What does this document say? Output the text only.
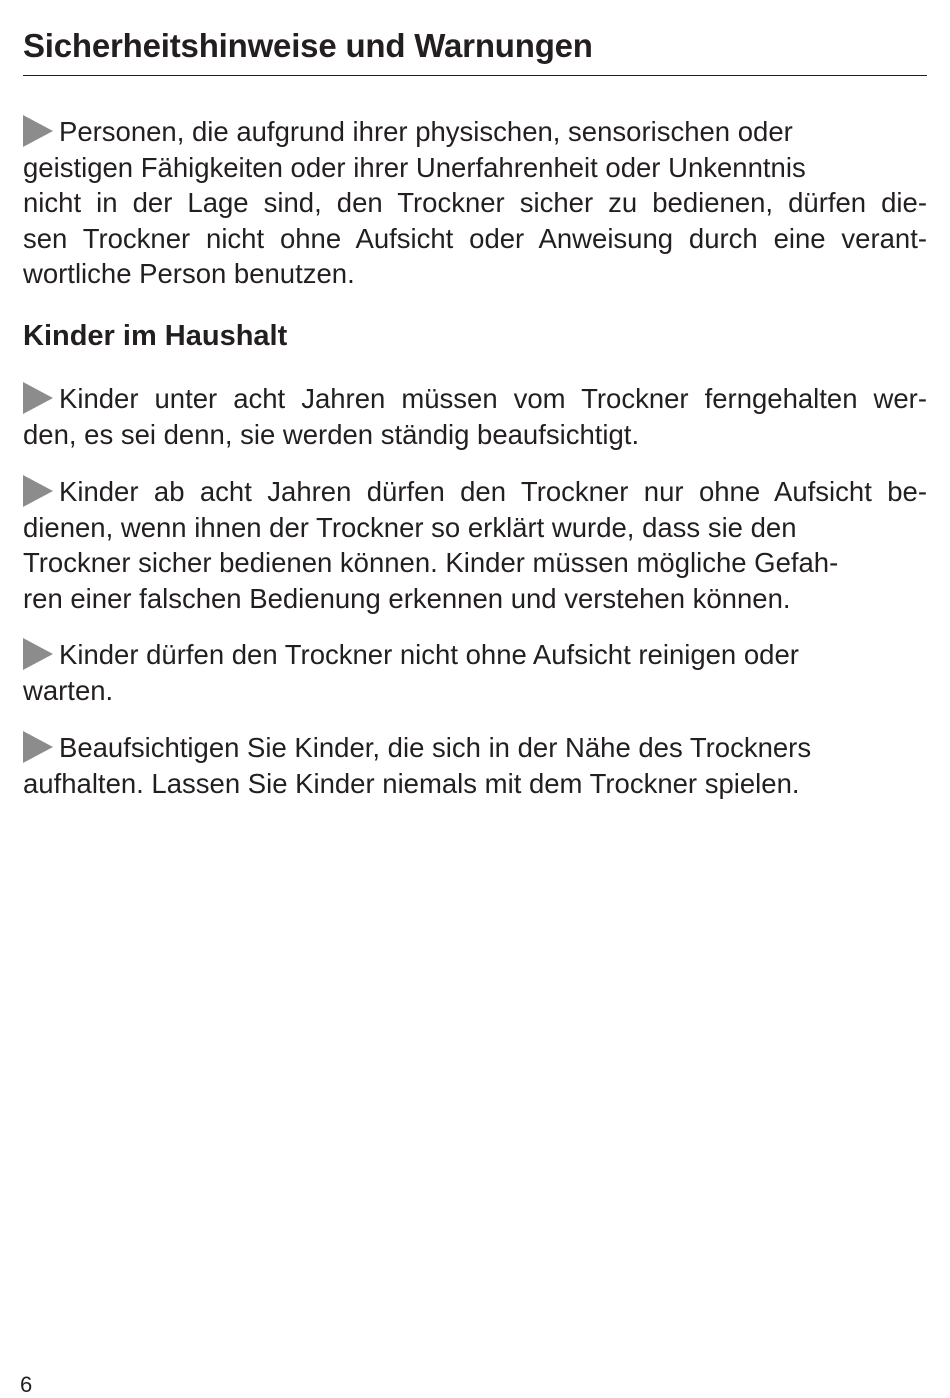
Sicherheitshinweise und Warnungen

Personen, die aufgrund ihrer physischen, sensorischen oder
geistigen Fähigkeiten oder ihrer Unerfahrenheit oder Unkenntnis
nicht in der Lage sind, den Trockner sicher zu bedienen, dürfen die-
sen Trockner nicht ohne Aufsicht oder Anweisung durch eine verant-
wortliche Person benutzen.

Kinder im Haushalt

Kinder unter acht Jahren müssen vom Trockner ferngehalten wer-
den, es sei denn, sie werden ständig beaufsichtigt.

Kinder ab acht Jahren dürfen den Trockner nur ohne Aufsicht be-
dienen, wenn ihnen der Trockner so erklärt wurde, dass sie den
Trockner sicher bedienen können. Kinder müssen mögliche Gefah-
ren einer falschen Bedienung erkennen und verstehen können.

Kinder dürfen den Trockner nicht ohne Aufsicht reinigen oder
warten.

Beaufsichtigen Sie Kinder, die sich in der Nähe des Trockners
aufhalten. Lassen Sie Kinder niemals mit dem Trockner spielen.

6
